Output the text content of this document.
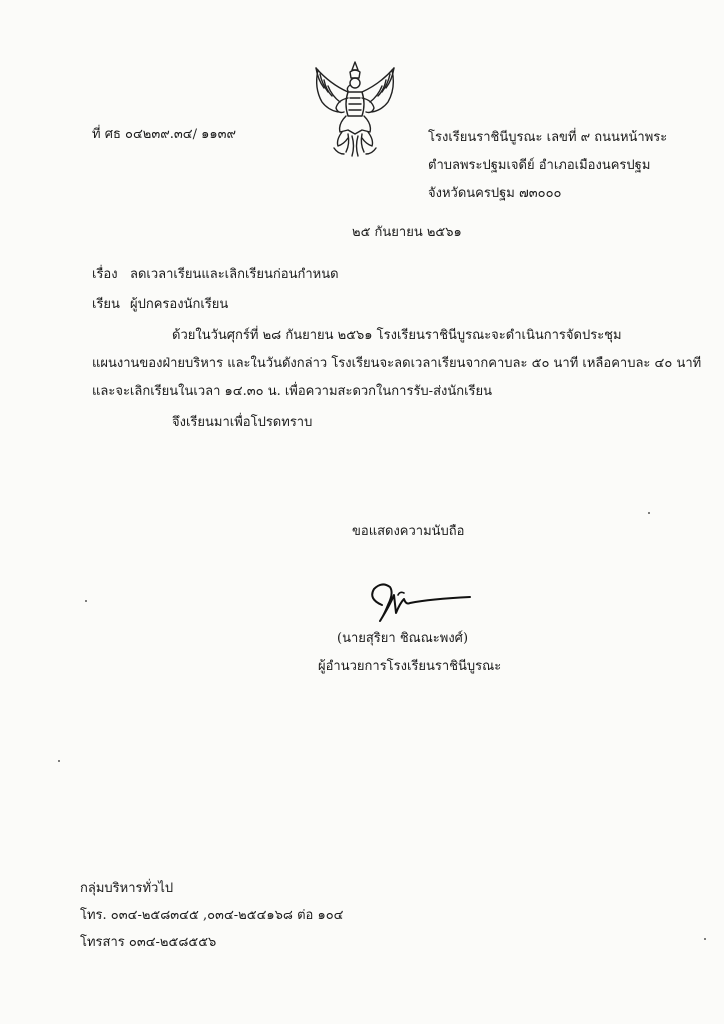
ที่ ศธ ๐๔๒๓๙.๓๔/ ๑๑๓๙	โรงเรียนราชินีบูรณะ เลขที่ ๙ ถนนหน้าพระ

ตำบลพระปฐมเจดีย์ อำเภอเมืองนครปฐม

จังหวัดนครปฐม ๗๓๐๐๐

๒๕ กันยายน ๒๕๖๑

เรื่อง ลดเวลาเรียนและเลิกเรียนก่อนกำหนด

เรียน ผู้ปกครองนักเรียน

ด้วยในวันศุกร์ที่ ๒๘ กันยายน ๒๕๖๑ โรงเรียนราชินีบูรณะจะดำเนินการจัดประชุม

แผนงานของฝ่ายบริหาร และในวันดังกล่าว โรงเรียนจะลดเวลาเรียนจากคาบละ ๕๐ นาที เหลือคาบละ ๔๐ นาที

และจะเลิกเรียนในเวลา ๑๔.๓๐ น. เพื่อความสะดวกในการรับ-ส่งนักเรียน

จึงเรียนมาเพื่อโปรดทราบ

ขอแสดงความนับถือ

(นายสุริยา ชิณณะพงศ์)

ผู้อำนวยการโรงเรียนราชินีบูรณะ

กลุ่มบริหารทั่วไป

โทร. ๐๓๔-๒๕๘๓๔๕ ,๐๓๔-๒๕๔๑๖๘ ต่อ ๑๐๔

โทรสาร ๐๓๔-๒๕๘๕๕๖
